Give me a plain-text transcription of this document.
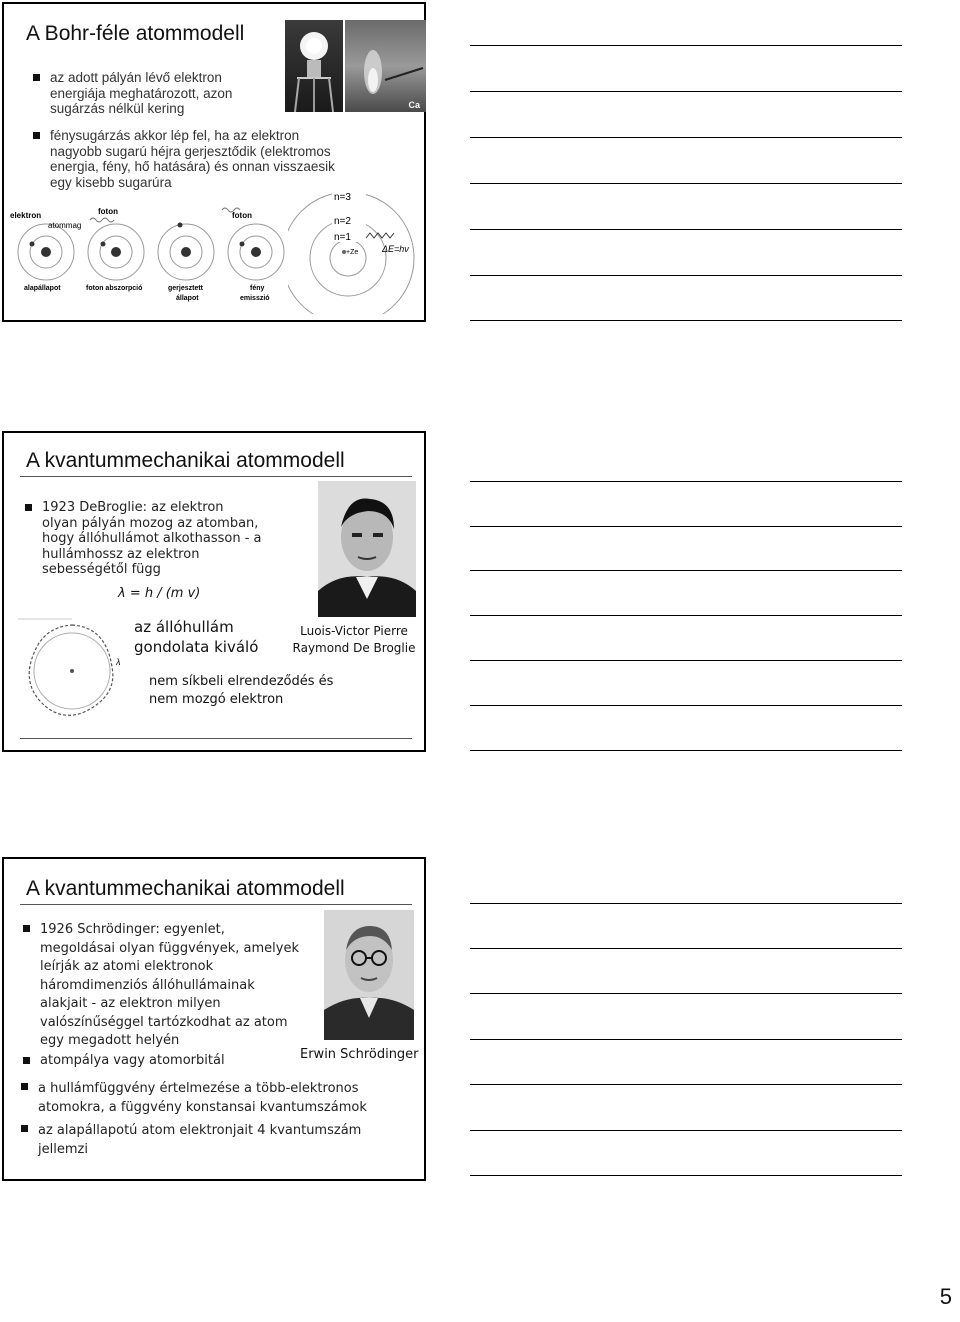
A Bohr-féle atommodell
az adott pályán lévő elektron
energiája meghatározott, azon
sugárzás nélkül kering
fénysugárzás akkor lép fel, ha az elektron
nagyobb sugarú héjra gerjesztődik (elektromos
energia, fény, hő hatására) és onnan visszaesik
egy kisebb sugarúra
Ca
elektron
atommag
foton	foton
alapállapot	foton abszorpció	gerjesztett
állapot
fény
emisszió
n=3
n=2
n=1
+Ze	ΔE=hν
A kvantummechanikai atommodell
1923 DeBroglie: az elektron
olyan pályán mozog az atomban,
hogy állóhullámot alkothasson - a
hullámhossz az elektron
sebességétől függ
λ = h / (m v)
λ
az állóhullám
gondolata kiváló
Luois-Victor Pierre
Raymond De Broglie
nem síkbeli elrendeződés és
nem mozgó elektron
A kvantummechanikai atommodell
1926 Schrödinger: egyenlet,
megoldásai olyan függvények, amelyek
leírják az atomi elektronok
háromdimenziós állóhullámainak
alakjait - az elektron milyen
valószínűséggel tartózkodhat az atom
egy megadott helyén
atompálya vagy atomorbitál
a hullámfüggvény értelmezése a több-elektronos
atomokra, a függvény konstansai kvantumszámok
az alapállapotú atom elektronjait 4 kvantumszám
jellemzi
Erwin Schrödinger
5
